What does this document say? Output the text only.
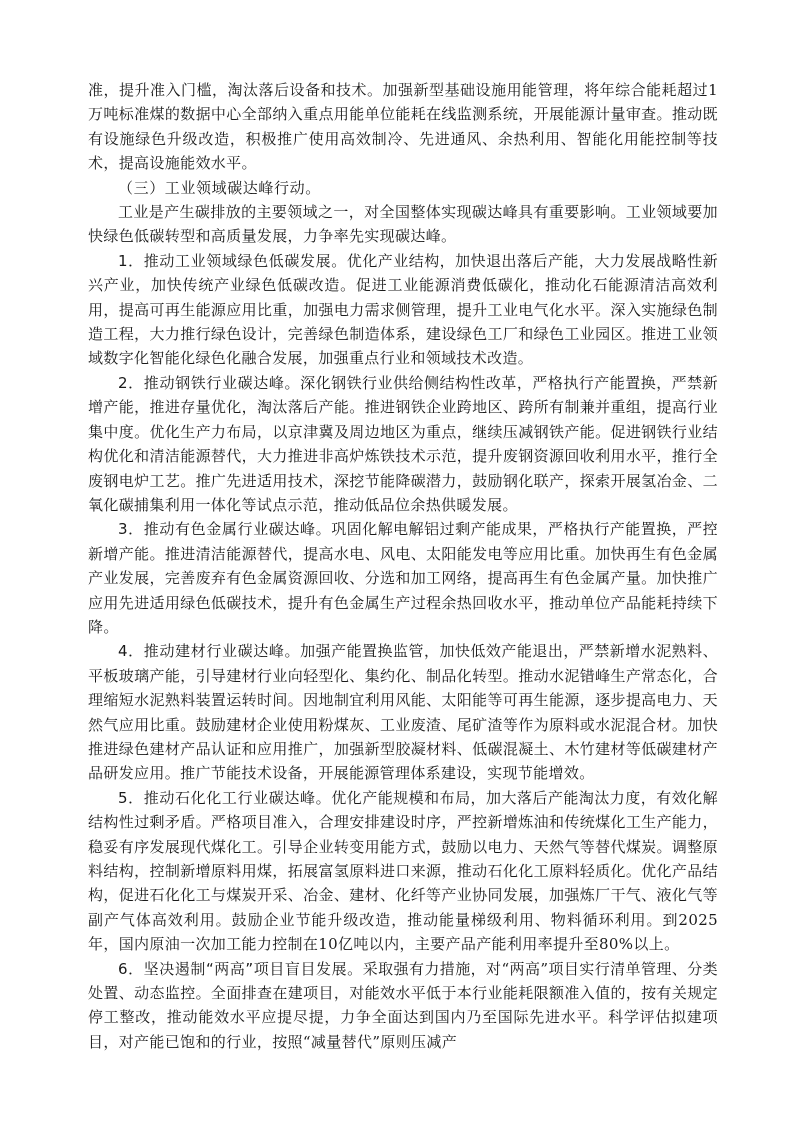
准，提升准入门槛，淘汰落后设备和技术。加强新型基础设施用能管理，将年综合能耗超过1万吨标准煤的数据中心全部纳入重点用能单位能耗在线监测系统，开展能源计量审查。推动既有设施绿色升级改造，积极推广使用高效制冷、先进通风、余热利用、智能化用能控制等技术，提高设施能效水平。

（三）工业领域碳达峰行动。

工业是产生碳排放的主要领域之一，对全国整体实现碳达峰具有重要影响。工业领域要加快绿色低碳转型和高质量发展，力争率先实现碳达峰。

1．推动工业领域绿色低碳发展。优化产业结构，加快退出落后产能，大力发展战略性新兴产业，加快传统产业绿色低碳改造。促进工业能源消费低碳化，推动化石能源清洁高效利用，提高可再生能源应用比重，加强电力需求侧管理，提升工业电气化水平。深入实施绿色制造工程，大力推行绿色设计，完善绿色制造体系，建设绿色工厂和绿色工业园区。推进工业领域数字化智能化绿色化融合发展，加强重点行业和领域技术改造。

2．推动钢铁行业碳达峰。深化钢铁行业供给侧结构性改革，严格执行产能置换，严禁新增产能，推进存量优化，淘汰落后产能。推进钢铁企业跨地区、跨所有制兼并重组，提高行业集中度。优化生产力布局，以京津冀及周边地区为重点，继续压减钢铁产能。促进钢铁行业结构优化和清洁能源替代，大力推进非高炉炼铁技术示范，提升废钢资源回收利用水平，推行全废钢电炉工艺。推广先进适用技术，深挖节能降碳潜力，鼓励钢化联产，探索开展氢冶金、二氧化碳捕集利用一体化等试点示范，推动低品位余热供暖发展。

3．推动有色金属行业碳达峰。巩固化解电解铝过剩产能成果，严格执行产能置换，严控新增产能。推进清洁能源替代，提高水电、风电、太阳能发电等应用比重。加快再生有色金属产业发展，完善废弃有色金属资源回收、分选和加工网络，提高再生有色金属产量。加快推广应用先进适用绿色低碳技术，提升有色金属生产过程余热回收水平，推动单位产品能耗持续下降。

4．推动建材行业碳达峰。加强产能置换监管，加快低效产能退出，严禁新增水泥熟料、平板玻璃产能，引导建材行业向轻型化、集约化、制品化转型。推动水泥错峰生产常态化，合理缩短水泥熟料装置运转时间。因地制宜利用风能、太阳能等可再生能源，逐步提高电力、天然气应用比重。鼓励建材企业使用粉煤灰、工业废渣、尾矿渣等作为原料或水泥混合材。加快推进绿色建材产品认证和应用推广，加强新型胶凝材料、低碳混凝土、木竹建材等低碳建材产品研发应用。推广节能技术设备，开展能源管理体系建设，实现节能增效。

5．推动石化化工行业碳达峰。优化产能规模和布局，加大落后产能淘汰力度，有效化解结构性过剩矛盾。严格项目准入，合理安排建设时序，严控新增炼油和传统煤化工生产能力，稳妥有序发展现代煤化工。引导企业转变用能方式，鼓励以电力、天然气等替代煤炭。调整原料结构，控制新增原料用煤，拓展富氢原料进口来源，推动石化化工原料轻质化。优化产品结构，促进石化化工与煤炭开采、冶金、建材、化纤等产业协同发展，加强炼厂干气、液化气等副产气体高效利用。鼓励企业节能升级改造，推动能量梯级利用、物料循环利用。到2025年，国内原油一次加工能力控制在10亿吨以内，主要产品产能利用率提升至80%以上。

6．坚决遏制“两高”项目盲目发展。采取强有力措施，对“两高”项目实行清单管理、分类处置、动态监控。全面排查在建项目，对能效水平低于本行业能耗限额准入值的，按有关规定停工整改，推动能效水平应提尽提，力争全面达到国内乃至国际先进水平。科学评估拟建项目，对产能已饱和的行业，按照“减量替代”原则压减产
